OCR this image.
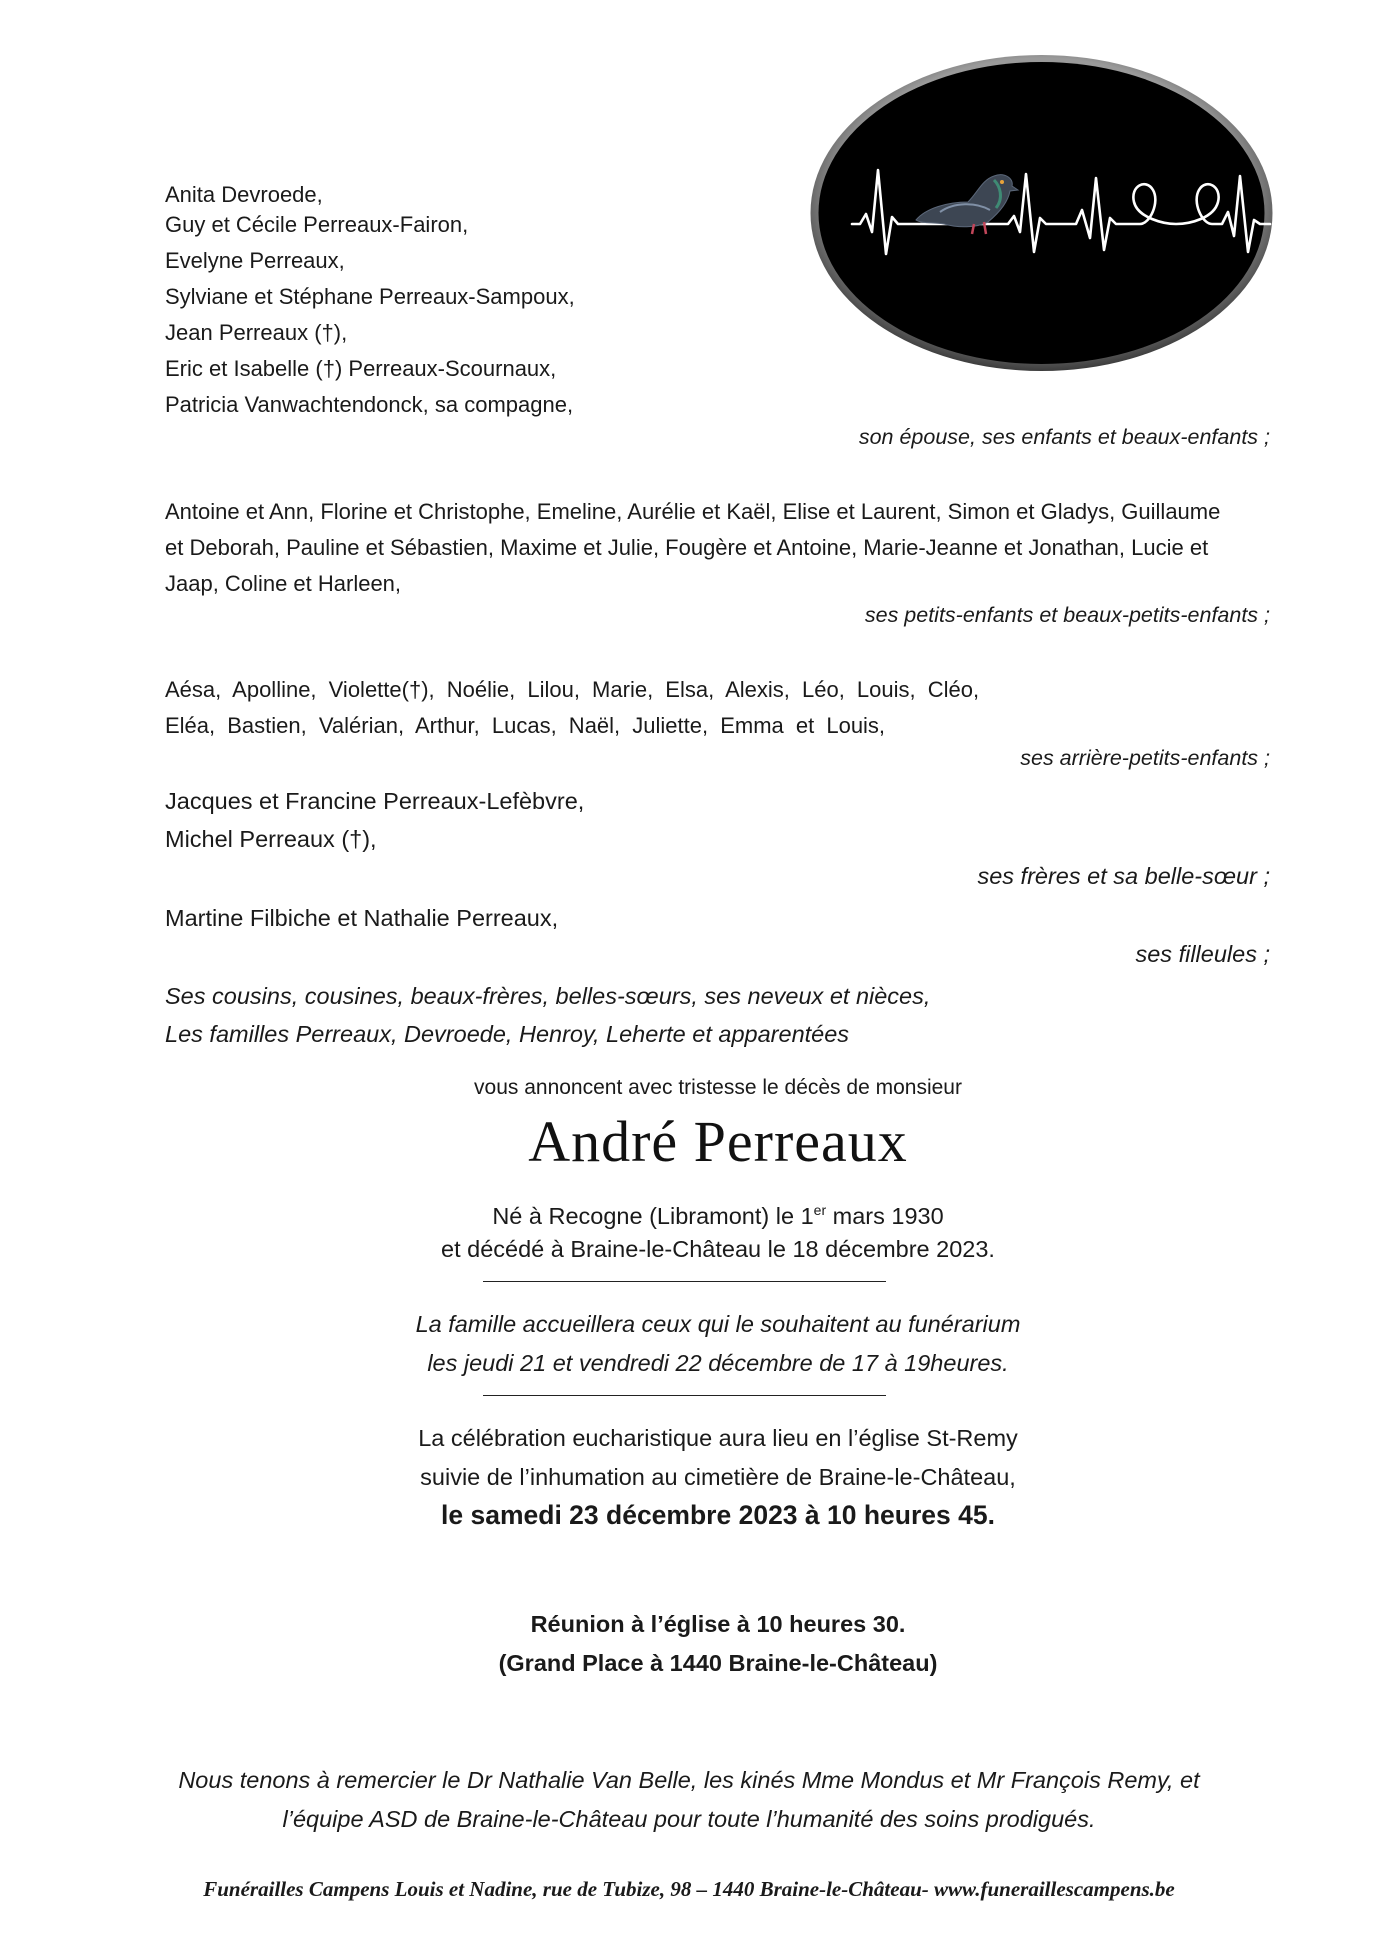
Anita Devroede,
Guy et Cécile Perreaux-Fairon,
Evelyne Perreaux,
Sylviane et Stéphane Perreaux-Sampoux,
Jean Perreaux (†),
Eric et Isabelle (†) Perreaux-Scournaux,
Patricia Vanwachtendonck, sa compagne,
son épouse, ses enfants et beaux-enfants ;
Antoine et Ann, Florine et Christophe, Emeline, Aurélie et Kaël, Elise et Laurent, Simon et Gladys, Guillaume
et Deborah, Pauline et Sébastien, Maxime et Julie, Fougère et Antoine, Marie-Jeanne et Jonathan, Lucie et
Jaap, Coline et Harleen,
ses petits-enfants et beaux-petits-enfants ;
Aésa, Apolline, Violette(†), Noélie, Lilou, Marie, Elsa, Alexis, Léo, Louis, Cléo,
Eléa, Bastien, Valérian, Arthur, Lucas, Naël, Juliette, Emma et Louis,
ses arrière-petits-enfants ;
Jacques et Francine Perreaux-Lefèbvre,
Michel Perreaux (†),
ses frères et sa belle-sœur ;
Martine Filbiche et Nathalie Perreaux,
ses filleules ;
Ses cousins, cousines, beaux-frères, belles-sœurs, ses neveux et nièces,
Les familles Perreaux, Devroede, Henroy, Leherte et apparentées
vous annoncent avec tristesse le décès de monsieur
André Perreaux
Né à Recogne (Libramont) le 1er mars 1930
et décédé à Braine-le-Château le 18 décembre 2023.
La famille accueillera ceux qui le souhaitent au funérarium
les jeudi 21 et vendredi 22 décembre de 17 à 19heures.
La célébration eucharistique aura lieu en l’église St-Remy
suivie de l’inhumation au cimetière de Braine-le-Château,
le samedi 23 décembre 2023 à 10 heures 45.
Réunion à l’église à 10 heures 30.
(Grand Place à 1440 Braine-le-Château)
Nous tenons à remercier le Dr Nathalie Van Belle, les kinés Mme Mondus et Mr François Remy, et
l’équipe ASD de Braine-le-Château pour toute l’humanité des soins prodigués.
Funérailles Campens Louis et Nadine, rue de Tubize, 98 – 1440 Braine-le-Château- www.funeraillescampens.be
